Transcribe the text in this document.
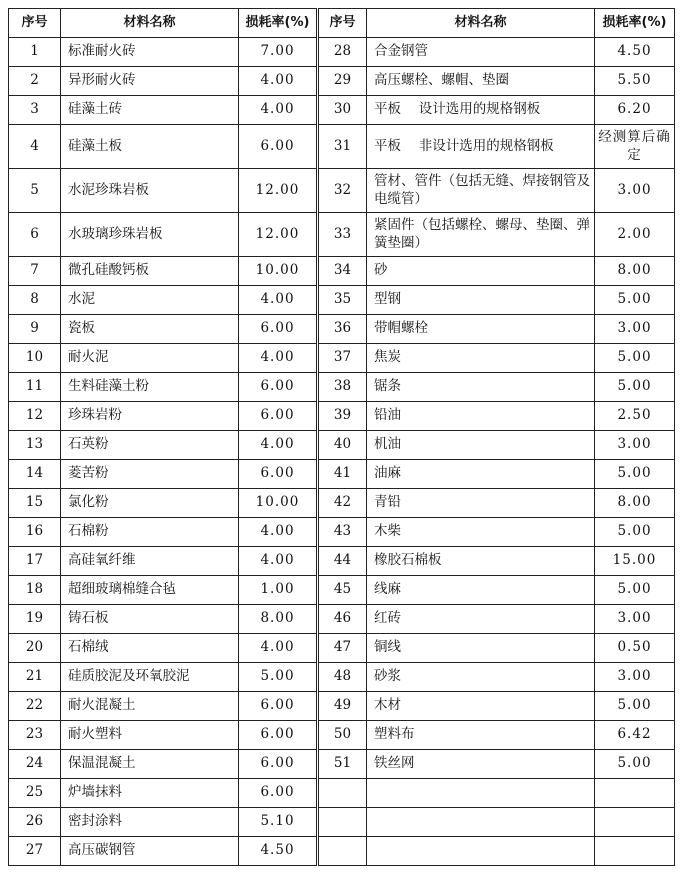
序号	材料名称	损耗率(%)	序号	材料名称	损耗率(%)
1	标准耐火砖	7.00	28	合金钢管	4.50
2	异形耐火砖	4.00	29	高压螺栓、螺帽、垫圈	5.50
3	硅藻土砖	4.00	30	平板　 设计选用的规格钢板	6.20
4	硅藻土板	6.00	31	平板　 非设计选用的规格钢板	经测算后确定
5	水泥珍珠岩板	12.00	32	管材、管件（包括无缝、焊接钢管及电缆管）	3.00
6	水玻璃珍珠岩板	12.00	33	紧固件（包括螺栓、螺母、垫圈、弹簧垫圈）	2.00
7	微孔硅酸钙板	10.00	34	砂	8.00
8	水泥	4.00	35	型钢	5.00
9	瓷板	6.00	36	带帽螺栓	3.00
10	耐火泥	4.00	37	焦炭	5.00
11	生料硅藻土粉	6.00	38	锯条	5.00
12	珍珠岩粉	6.00	39	铅油	2.50
13	石英粉	4.00	40	机油	3.00
14	菱苦粉	6.00	41	油麻	5.00
15	氯化粉	10.00	42	青铅	8.00
16	石棉粉	4.00	43	木柴	5.00
17	高硅氧纤维	4.00	44	橡胶石棉板	15.00
18	超细玻璃棉缝合毡	1.00	45	线麻	5.00
19	铸石板	8.00	46	红砖	3.00
20	石棉绒	4.00	47	铜线	0.50
21	硅质胶泥及环氧胶泥	5.00	48	砂浆	3.00
22	耐火混凝土	6.00	49	木材	5.00
23	耐火塑料	6.00	50	塑料布	6.42
24	保温混凝土	6.00	51	铁丝网	5.00
25	炉墙抹料	6.00			
26	密封涂料	5.10			
27	高压碳钢管	4.50			
